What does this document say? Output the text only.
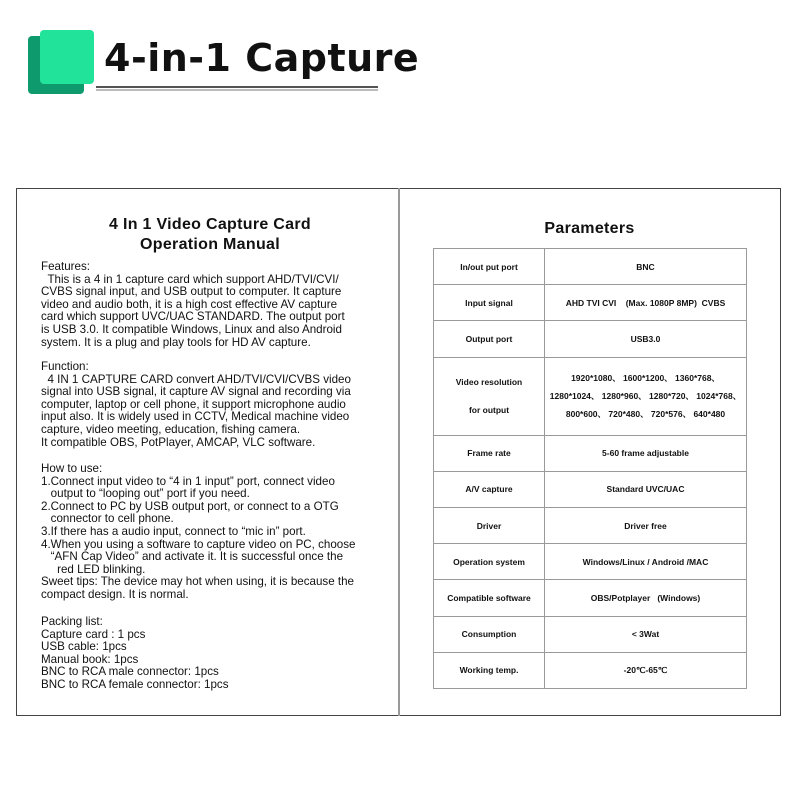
4-in-1 Capture
4 In 1 Video Capture Card
Operation Manual
Features:
This is a 4 in 1 capture card which support AHD/TVI/CVI/
CVBS signal input, and USB output to computer. It capture
video and audio both, it is a high cost effective AV capture
card which support UVC/UAC STANDARD. The output port
is USB 3.0. It compatible Windows, Linux and also Android
system. It is a plug and play tools for HD AV capture.
Function:
4 IN 1 CAPTURE CARD convert AHD/TVI/CVI/CVBS video
signal into USB signal, it capture AV signal and recording via
computer, laptop or cell phone, it support microphone audio
input also. It is widely used in CCTV, Medical machine video
capture, video meeting, education, fishing camera.
It compatible OBS, PotPlayer, AMCAP, VLC software.
How to use:
1.Connect input video to “4 in 1 input” port, connect video
output to “looping out” port if you need.
2.Connect to PC by USB output port, or connect to a OTG
connector to cell phone.
3.If there has a audio input, connect to “mic in” port.
4.When you using a software to capture video on PC, choose
“AFN Cap Video” and activate it. It is successful once the
red LED blinking.
Sweet tips: The device may hot when using, it is because the
compact design. It is normal.
Packing list:
Capture card : 1 pcs
USB cable: 1pcs
Manual book: 1pcs
BNC to RCA male connector: 1pcs
BNC to RCA female connector: 1pcs
Parameters
In/out put port	BNC
Input signal	AHD TVI CVI    (Max. 1080P 8MP)  CVBS
Output port	USB3.0

Video resolution
for output	1920*1080、 1600*1200、 1360*768、
1280*1024、 1280*960、 1280*720、 1024*768、
800*600、 720*480、 720*576、 640*480

Frame rate	5-60 frame adjustable
A/V capture	Standard UVC/UAC
Driver	Driver free
Operation system	Windows/Linux / Android /MAC
Compatible software	OBS/Potplayer   (Windows)
Consumption	< 3Wat
Working temp.	-20℃-65℃
